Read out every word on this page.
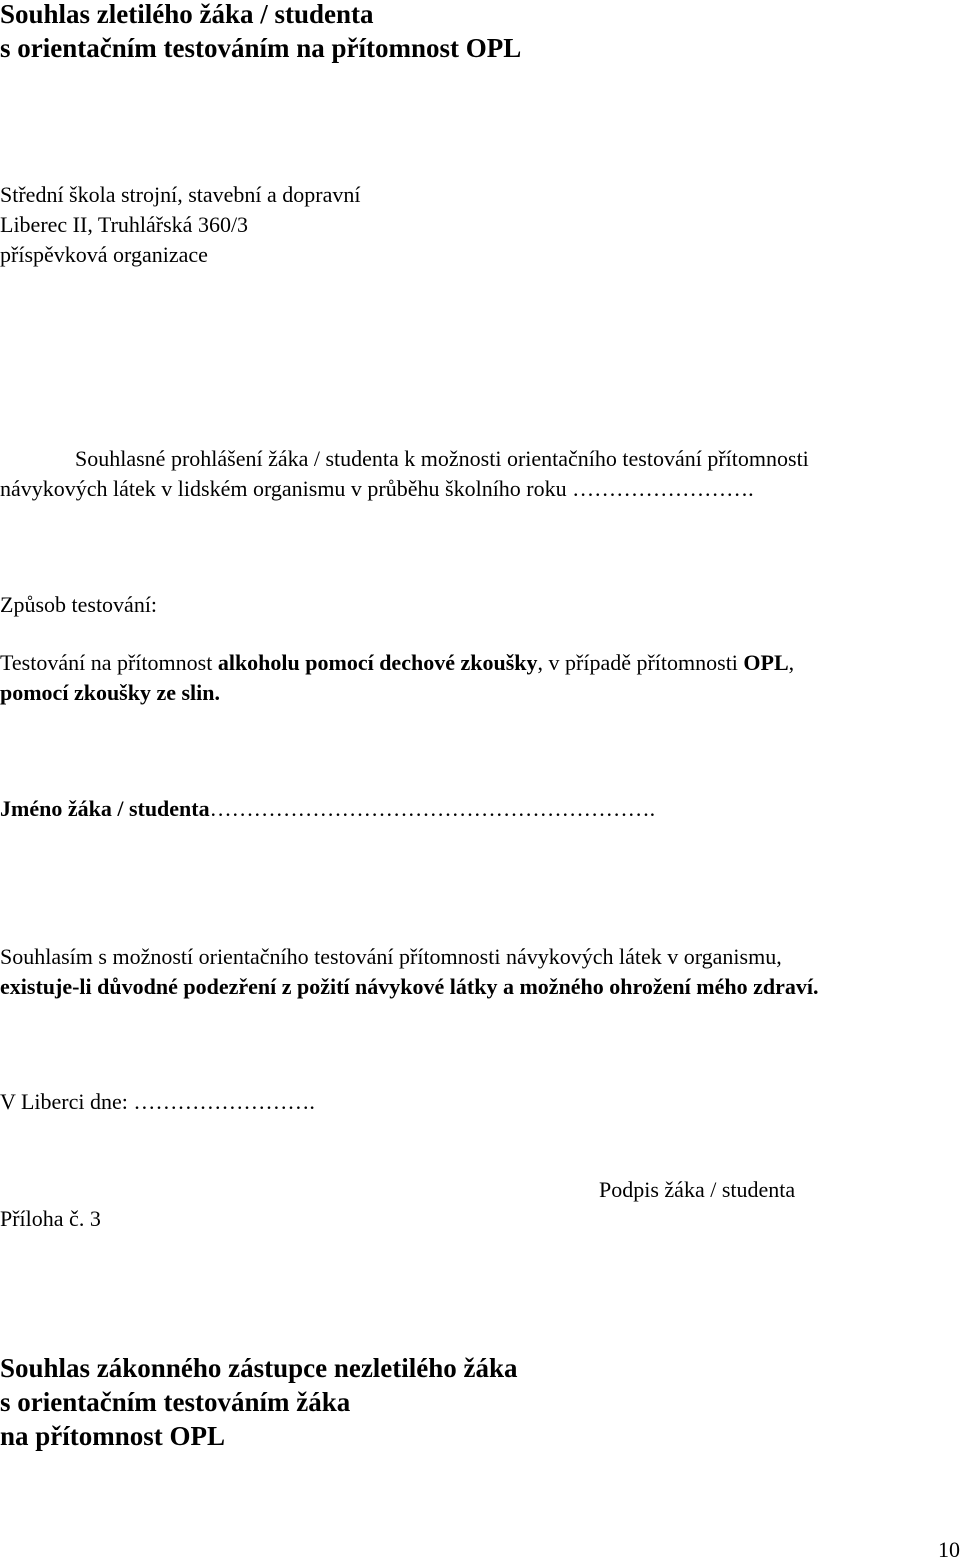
Souhlas zletilého žáka / studenta
s orientačním testováním na přítomnost OPL
Střední škola strojní, stavební a dopravní
Liberec II, Truhlářská 360/3
příspěvková organizace
Souhlasné prohlášení žáka / studenta k možnosti orientačního testování přítomnosti
návykových látek v lidském organismu v průběhu školního roku …………………….
Způsob testování:
Testování na přítomnost alkoholu pomocí dechové zkoušky, v případě přítomnosti OPL,
pomocí zkoušky ze slin.
Jméno žáka / studenta…………………………………………………….
Souhlasím s možností orientačního testování přítomnosti návykových látek v organismu,
existuje-li důvodné podezření z požití návykové látky a možného ohrožení mého zdraví.
V Liberci dne: …………………….
Podpis žáka / studenta
Příloha č. 3
Souhlas zákonného zástupce nezletilého žáka
s orientačním testováním žáka
na přítomnost OPL
10
